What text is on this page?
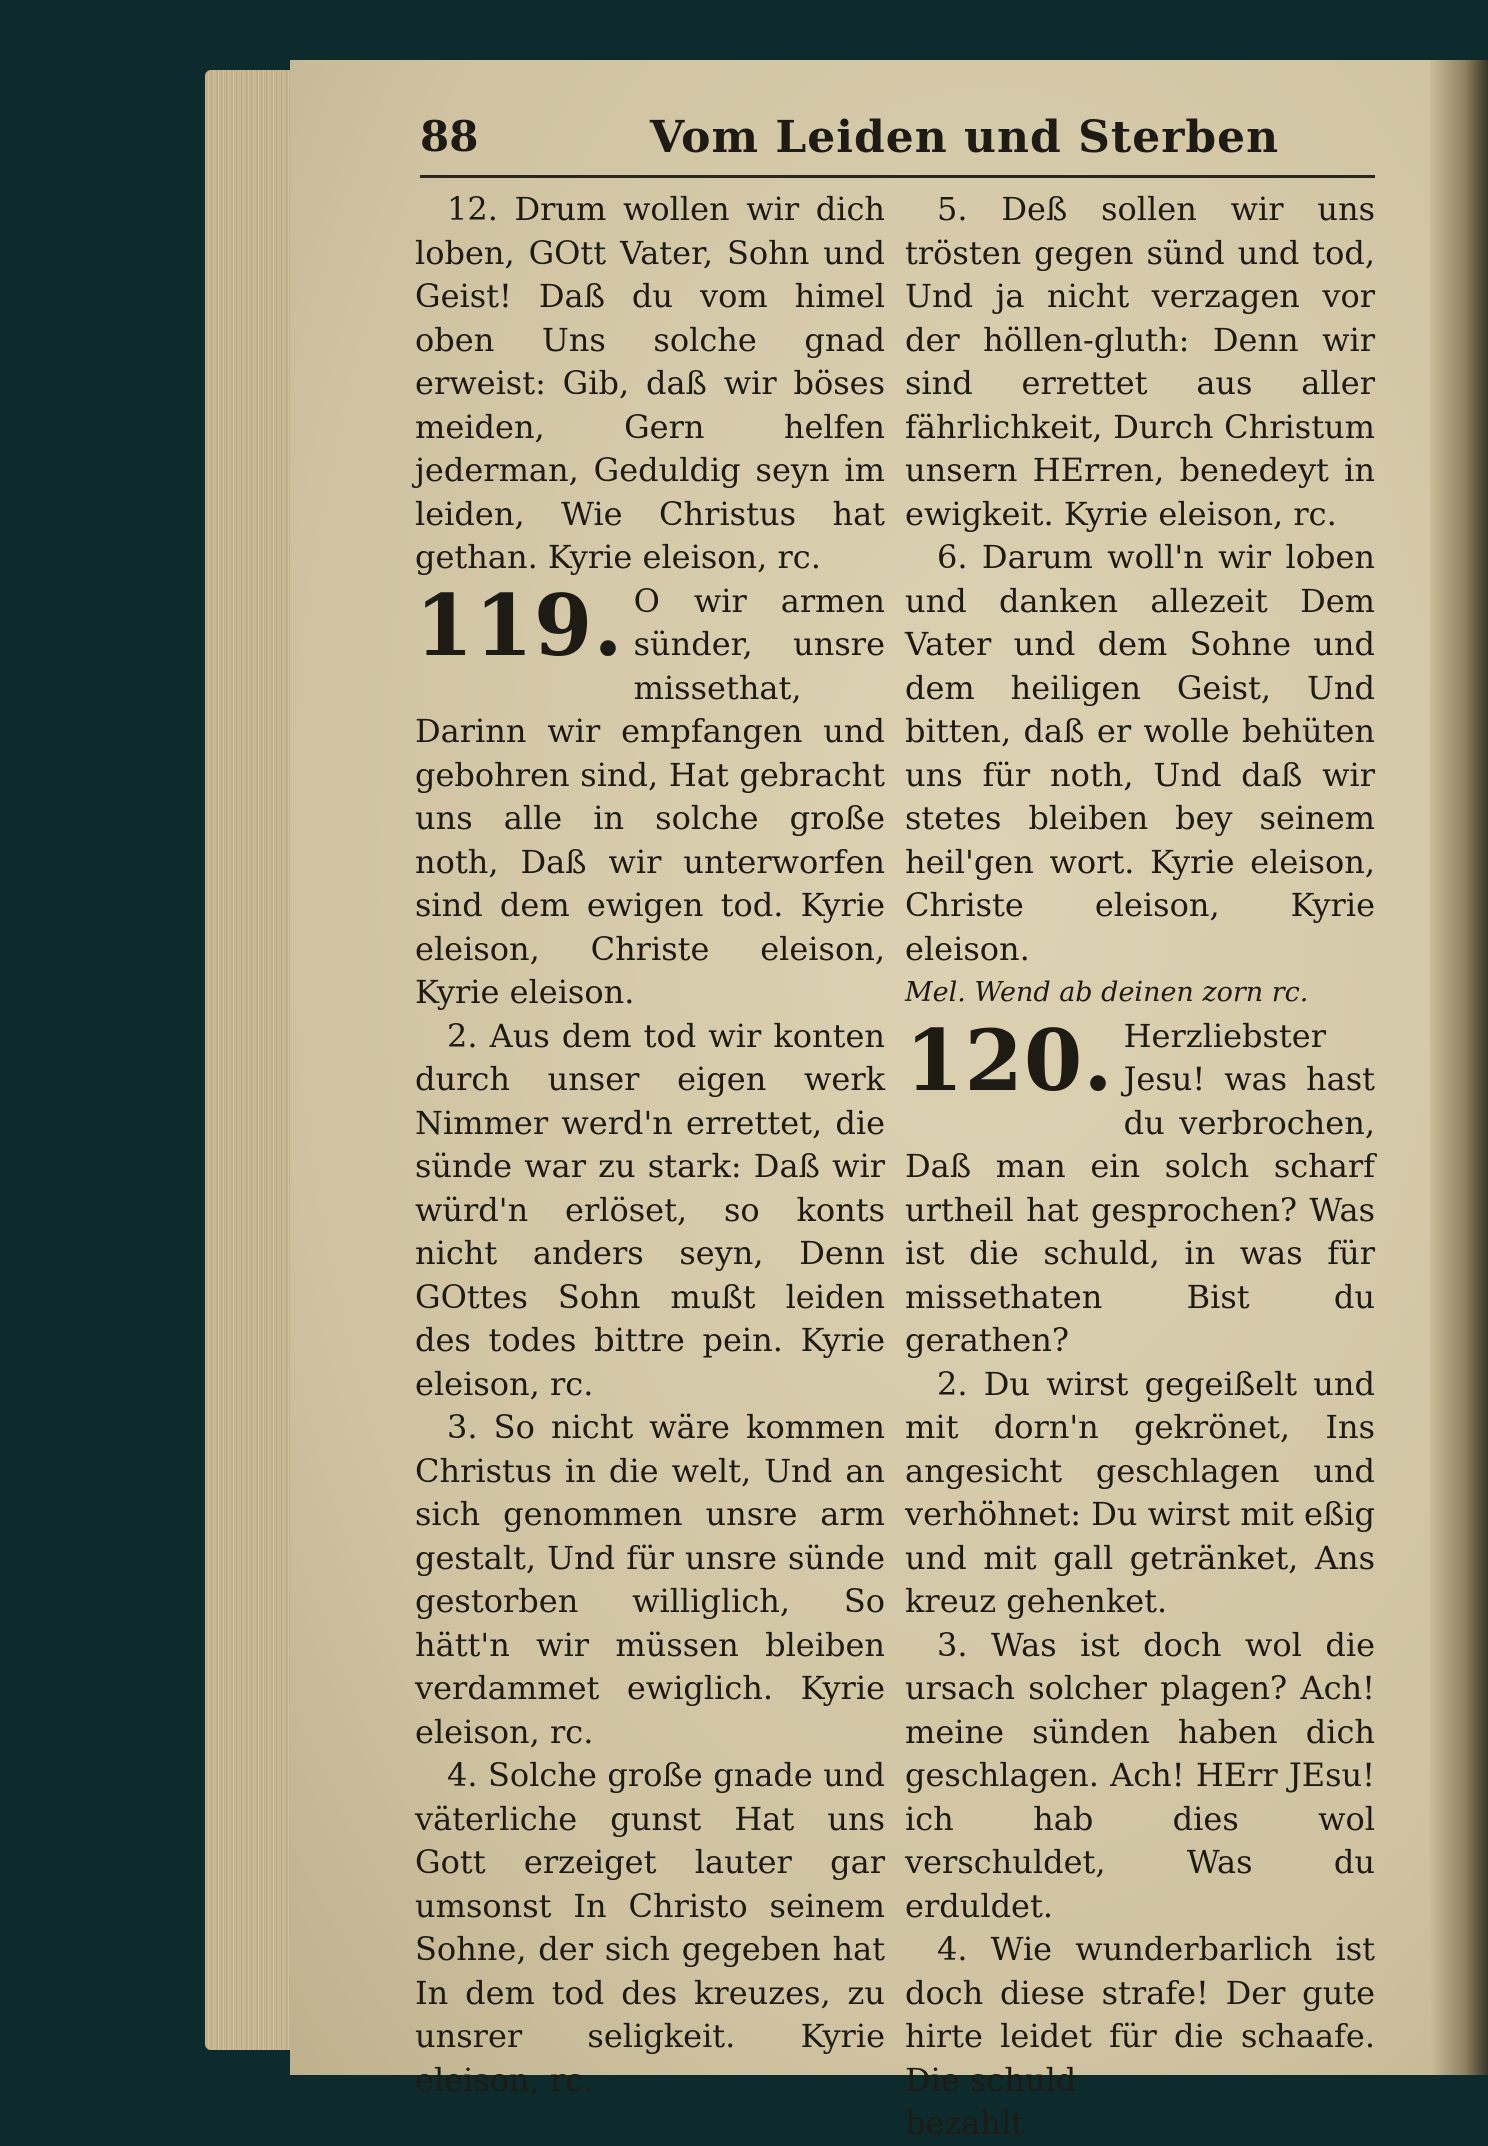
88	Vom Leiden und Sterben

12. Drum wollen wir dich loben, GOtt Vater, Sohn und Geist! Daß du vom himel oben Uns solche gnad erweist: Gib, daß wir böses meiden, Gern helfen jederman, Geduldig seyn im leiden, Wie Christus hat gethan. Kyrie eleison, rc.

119. O wir armen sünder, unsre missethat, Darinn wir empfangen und gebohren sind, Hat gebracht uns alle in solche große noth, Daß wir unterworfen sind dem ewigen tod. Kyrie eleison, Christe eleison, Kyrie eleison.

2. Aus dem tod wir konten durch unser eigen werk Nimmer werd'n errettet, die sünde war zu stark: Daß wir würd'n erlöset, so konts nicht anders seyn, Denn GOttes Sohn mußt leiden des todes bittre pein. Kyrie eleison, rc.

3. So nicht wäre kommen Christus in die welt, Und an sich genommen unsre arm gestalt, Und für unsre sünde gestorben williglich, So hätt'n wir müssen bleiben verdammet ewiglich. Kyrie eleison, rc.

4. Solche große gnade und väterliche gunst Hat uns Gott erzeiget lauter gar umsonst In Christo seinem Sohne, der sich gegeben hat In dem tod des kreuzes, zu unsrer seligkeit. Kyrie eleison, rc.

5. Deß sollen wir uns trösten gegen sünd und tod, Und ja nicht verzagen vor der höllen-gluth: Denn wir sind errettet aus aller fährlichkeit, Durch Christum unsern HErren, benedeyt in ewigkeit. Kyrie eleison, rc.

6. Darum woll'n wir loben und danken allezeit Dem Vater und dem Sohne und dem heiligen Geist, Und bitten, daß er wolle behüten uns für noth, Und daß wir stetes bleiben bey seinem heil'gen wort. Kyrie eleison, Christe eleison, Kyrie eleison.

Mel. Wend ab deinen zorn rc.

120. Herzliebster Jesu! was hast du verbrochen, Daß man ein solch scharf urtheil hat gesprochen? Was ist die schuld, in was für missethaten Bist du gerathen?

2. Du wirst gegeißelt und mit dorn'n gekrönet, Ins angesicht geschlagen und verhöhnet: Du wirst mit eßig und mit gall getränket, Ans kreuz gehenket.

3. Was ist doch wol die ursach solcher plagen? Ach! meine sünden haben dich geschlagen. Ach! HErr JEsu! ich hab dies wol verschuldet, Was du erduldet.

4. Wie wunderbarlich ist doch diese strafe! Der gute hirte leidet für die schaafe. Die schuld

bezahlt
